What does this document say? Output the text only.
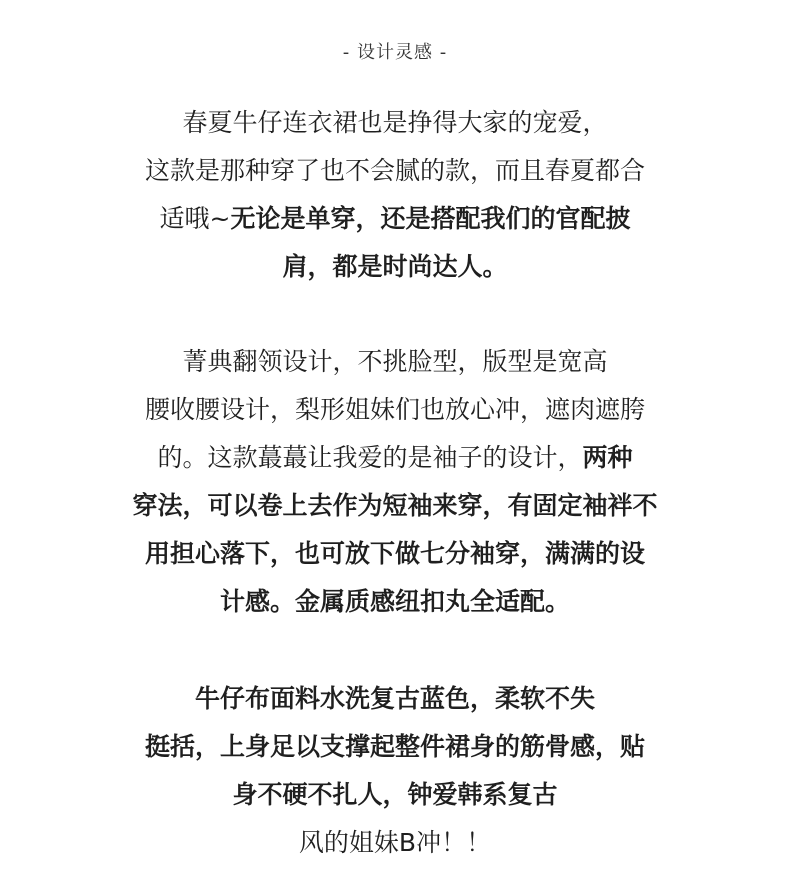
- 设计灵感 -
春夏牛仔连衣裙也是挣得大家的宠爱，
这款是那种穿了也不会腻的款，而且春夏都合
适哦~无论是单穿，还是搭配我们的官配披
肩，都是时尚达人。
菁典翻领设计，不挑脸型，版型是宽高
腰收腰设计，梨形姐妹们也放心冲，遮肉遮胯
的。这款蕞蕞让我爱的是袖子的设计，两种
穿法，可以卷上去作为短袖来穿，有固定袖袢不
用担心落下，也可放下做七分袖穿，满满的设
计感。金属质感纽扣丸全适配。
牛仔布面料水洗复古蓝色，柔软不失
挺括，上身足以支撑起整件裙身的筋骨感，贴
身不硬不扎人，钟爱韩系复古
风的姐妹B冲！！
